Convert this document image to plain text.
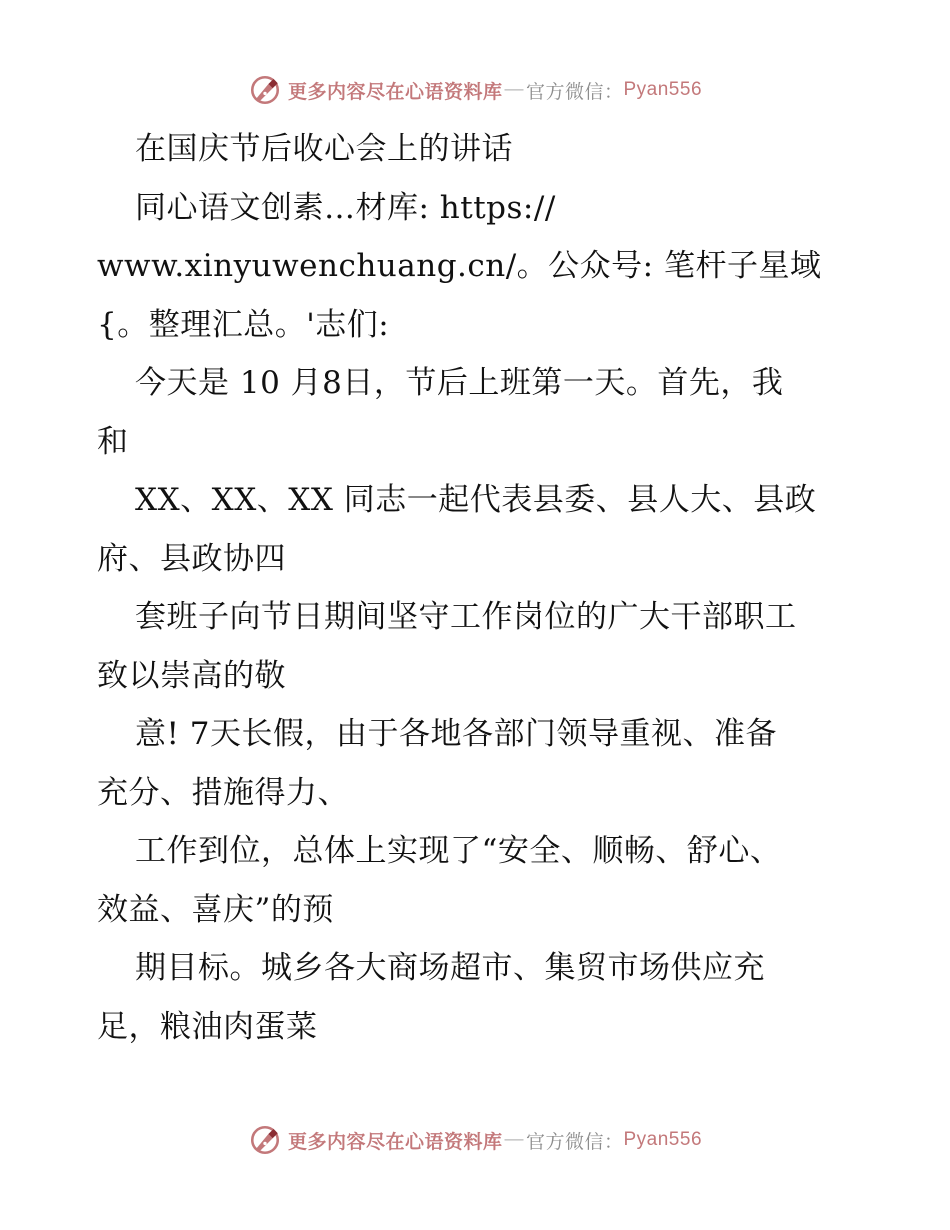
更多内容尽在心语资料库 — 官方微信： Pyan556
在国庆节后收心会上的讲话
同心语文创素…材库: https://
www.xinyuwenchuang.cn/。公众号: 笔杆子星域
{。整理汇总。'志们:
今天是 10 月8日，节后上班第一天。首先，我
和
XX、XX、XX 同志一起代表县委、县人大、县政
府、县政协四
套班子向节日期间坚守工作岗位的广大干部职工
致以崇高的敬
意! 7天长假，由于各地各部门领导重视、准备
充分、措施得力、
工作到位，总体上实现了“安全、顺畅、舒心、
效益、喜庆”的预
期目标。城乡各大商场超市、集贸市场供应充
足，粮油肉蛋菜
更多内容尽在心语资料库 — 官方微信： Pyan556
